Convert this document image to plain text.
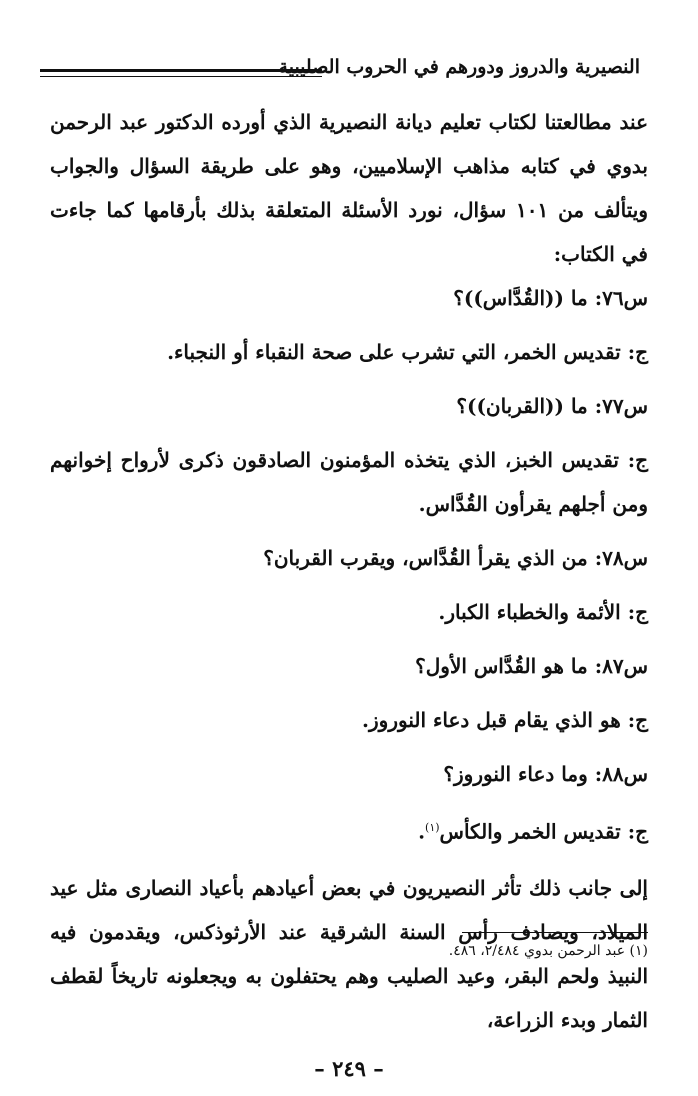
النصيرية والدروز ودورهم في الحروب الصليبية

عند مطالعتنا لكتاب تعليم ديانة النصيرية الذي أورده الدكتور عبد الرحمن بدوي في كتابه مذاهب الإسلاميين، وهو على طريقة السؤال والجواب ويتألف من ١٠١ سؤال، نورد الأسئلة المتعلقة بذلك بأرقامها كما جاءت في الكتاب:

س٧٦: ما ((القُدَّاس))؟

ج: تقديس الخمر، التي تشرب على صحة النقباء أو النجباء.

س٧٧: ما ((القربان))؟

ج: تقديس الخبز، الذي يتخذه المؤمنون الصادقون ذكرى لأرواح إخوانهم ومن أجلهم يقرأون القُدَّاس.

س٧٨: من الذي يقرأ القُدَّاس، ويقرب القربان؟

ج: الأئمة والخطباء الكبار.

س٨٧: ما هو القُدَّاس الأول؟

ج: هو الذي يقام قبل دعاء النوروز.

س٨٨: وما دعاء النوروز؟

ج: تقديس الخمر والكأس$^{(١)}$.

إلى جانب ذلك تأثر النصيريون في بعض أعيادهم بأعياد النصارى مثل عيد الميلاد، ويصادف رأس السنة الشرقية عند الأرثوذكس، ويقدمون فيه النبيذ ولحم البقر، وعيد الصليب وهم يحتفلون به ويجعلونه تاريخاً لقطف الثمار وبدء الزراعة،

(١) عبد الرحمن بدوي ٢/٤٨٤، ٤٨٦.
– ٢٤٩ –
